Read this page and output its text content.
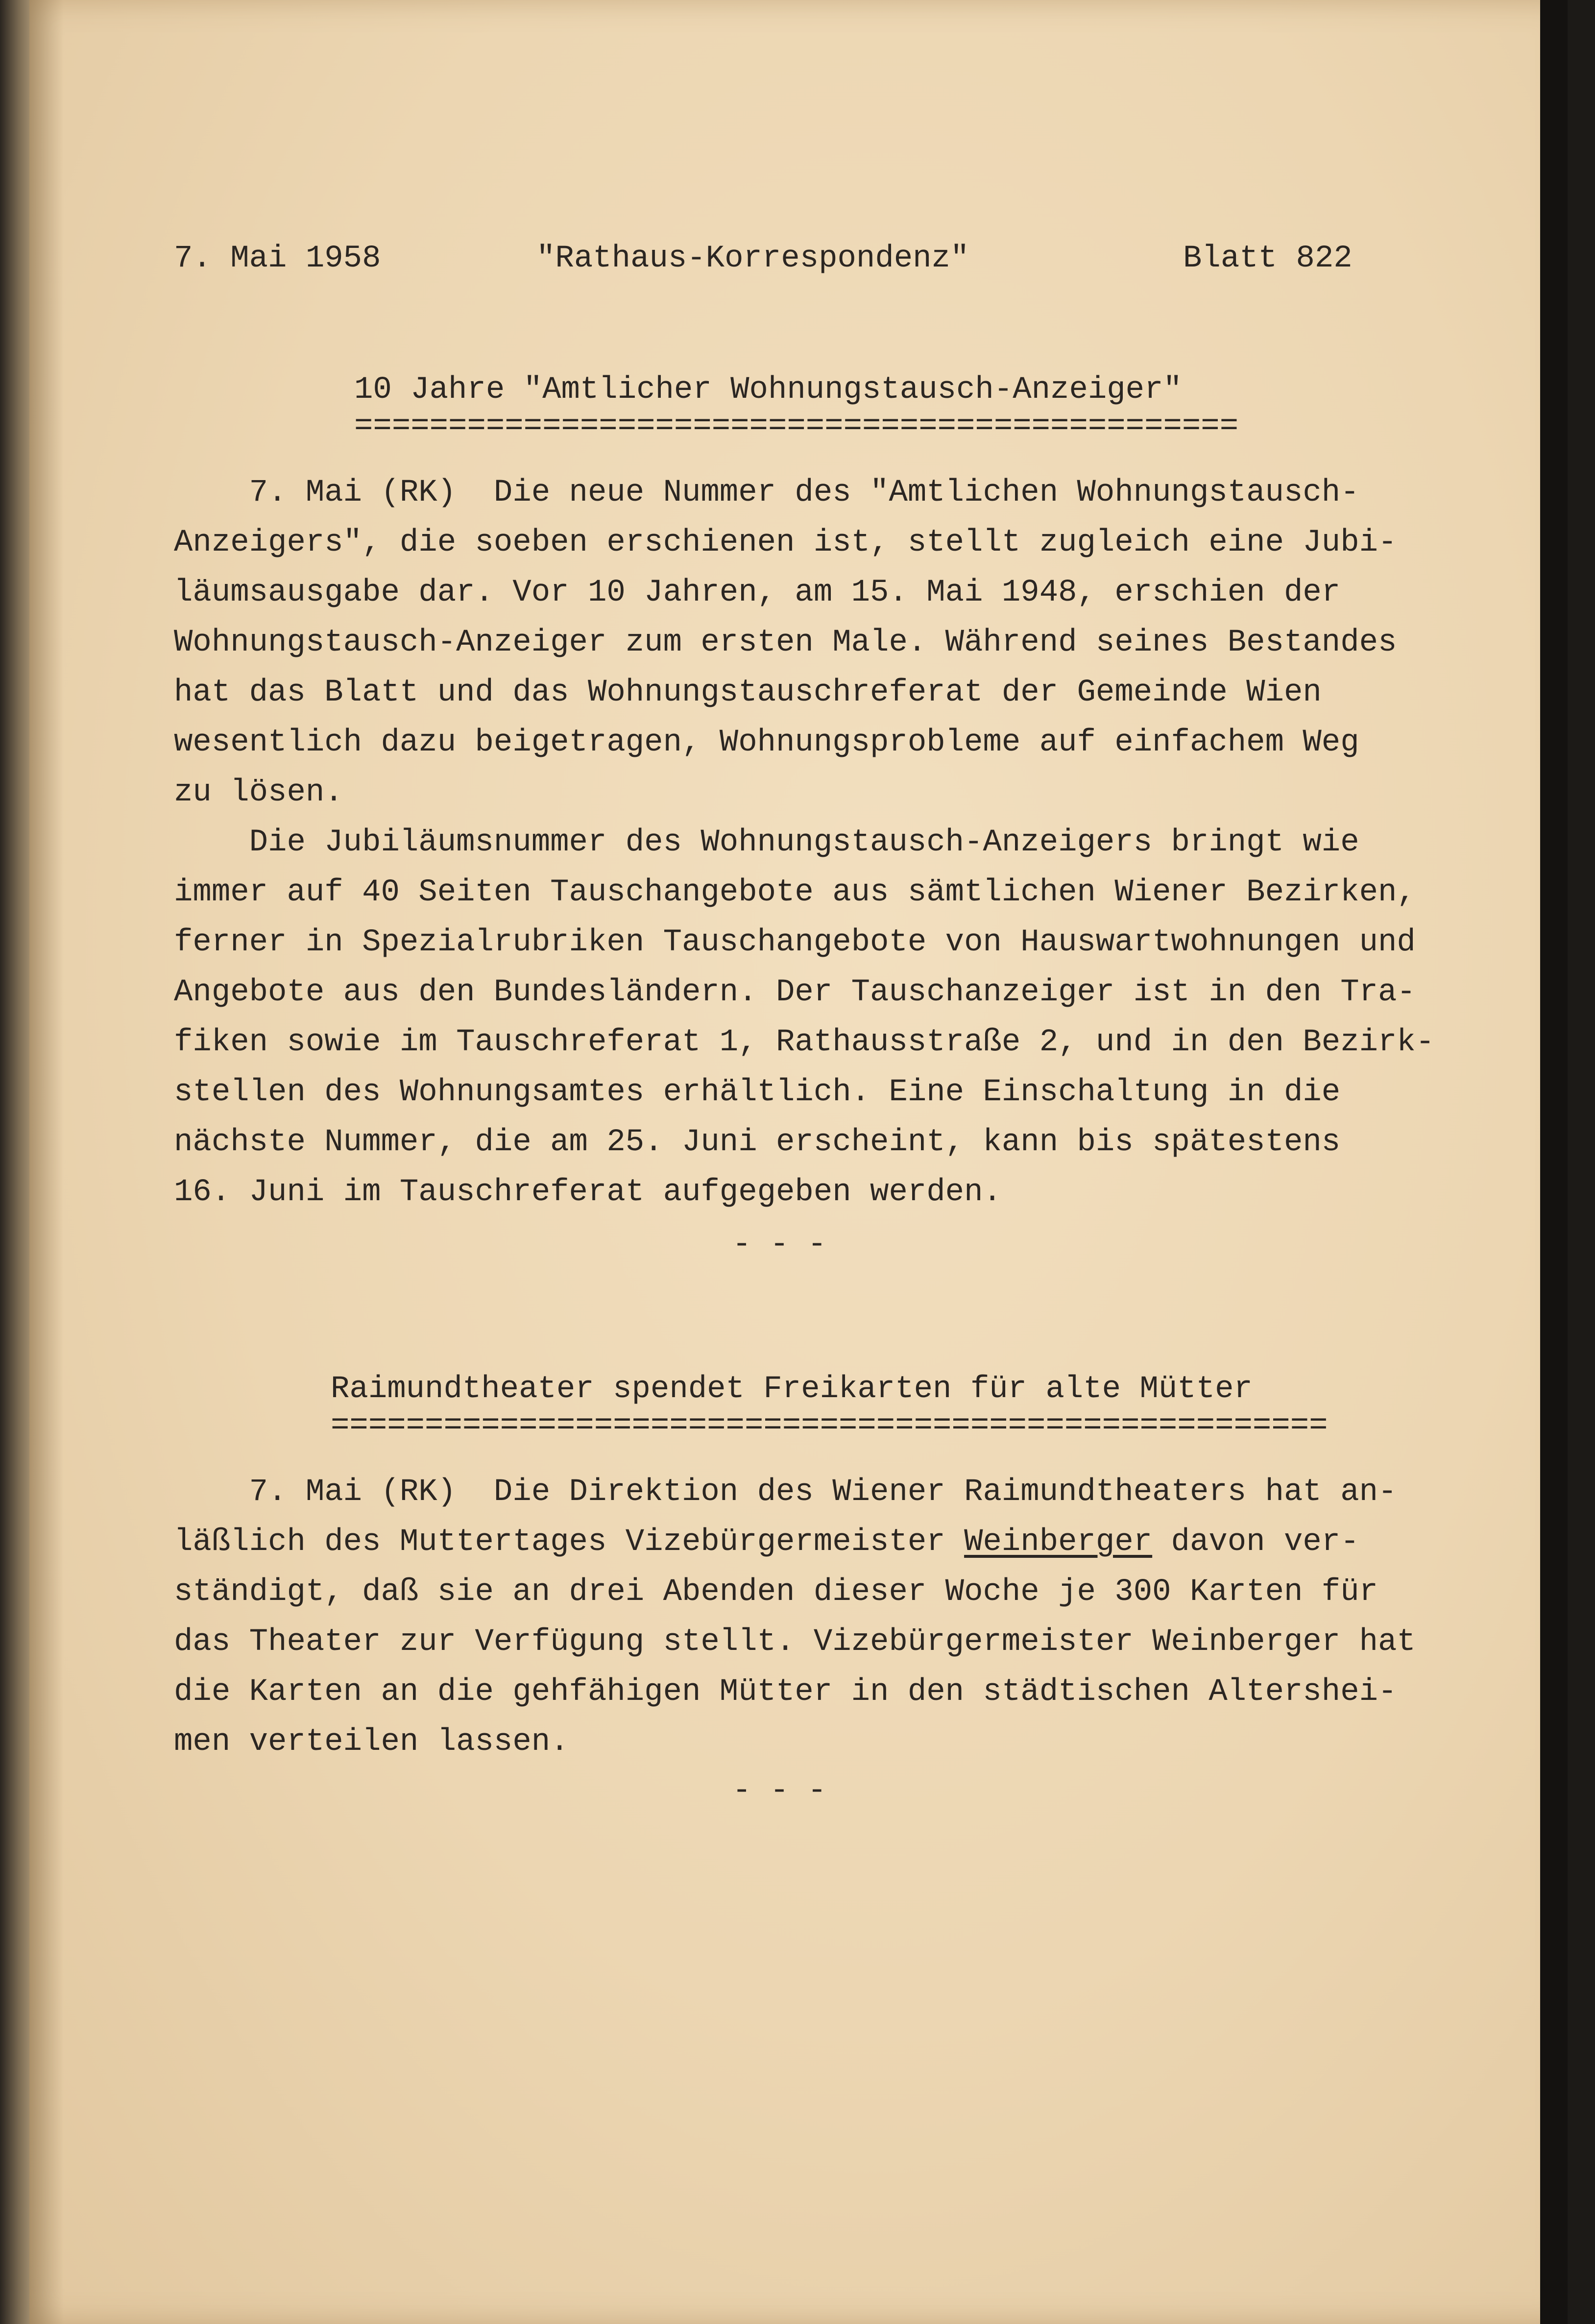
7. Mai 1958	"Rathaus-Korrespondenz"	Blatt 822
10 Jahre "Amtlicher Wohnungstausch-Anzeiger"
===============================================

7. Mai (RK)  Die neue Nummer des "Amtlichen Wohnungstausch-

Anzeigers", die soeben erschienen ist, stellt zugleich eine Jubi-

läumsausgabe dar. Vor 10 Jahren, am 15. Mai 1948, erschien der

Wohnungstausch-Anzeiger zum ersten Male. Während seines Bestandes

hat das Blatt und das Wohnungstauschreferat der Gemeinde Wien

wesentlich dazu beigetragen, Wohnungsprobleme auf einfachem Weg

zu lösen.

Die Jubiläumsnummer des Wohnungstausch-Anzeigers bringt wie

immer auf 40 Seiten Tauschangebote aus sämtlichen Wiener Bezirken,

ferner in Spezialrubriken Tauschangebote von Hauswartwohnungen und

Angebote aus den Bundesländern. Der Tauschanzeiger ist in den Tra-

fiken sowie im Tauschreferat 1, Rathausstraße 2, und in den Bezirk-

stellen des Wohnungsamtes erhältlich. Eine Einschaltung in die

nächste Nummer, die am 25. Juni erscheint, kann bis spätestens

16. Juni im Tauschreferat aufgegeben werden.

- - -
Raimundtheater spendet Freikarten für alte Mütter
=====================================================

7. Mai (RK)  Die Direktion des Wiener Raimundtheaters hat an-

läßlich des Muttertages Vizebürgermeister Weinberger davon ver-

ständigt, daß sie an drei Abenden dieser Woche je 300 Karten für

das Theater zur Verfügung stellt. Vizebürgermeister Weinberger hat

die Karten an die gehfähigen Mütter in den städtischen Altershei-

men verteilen lassen.

- - -
